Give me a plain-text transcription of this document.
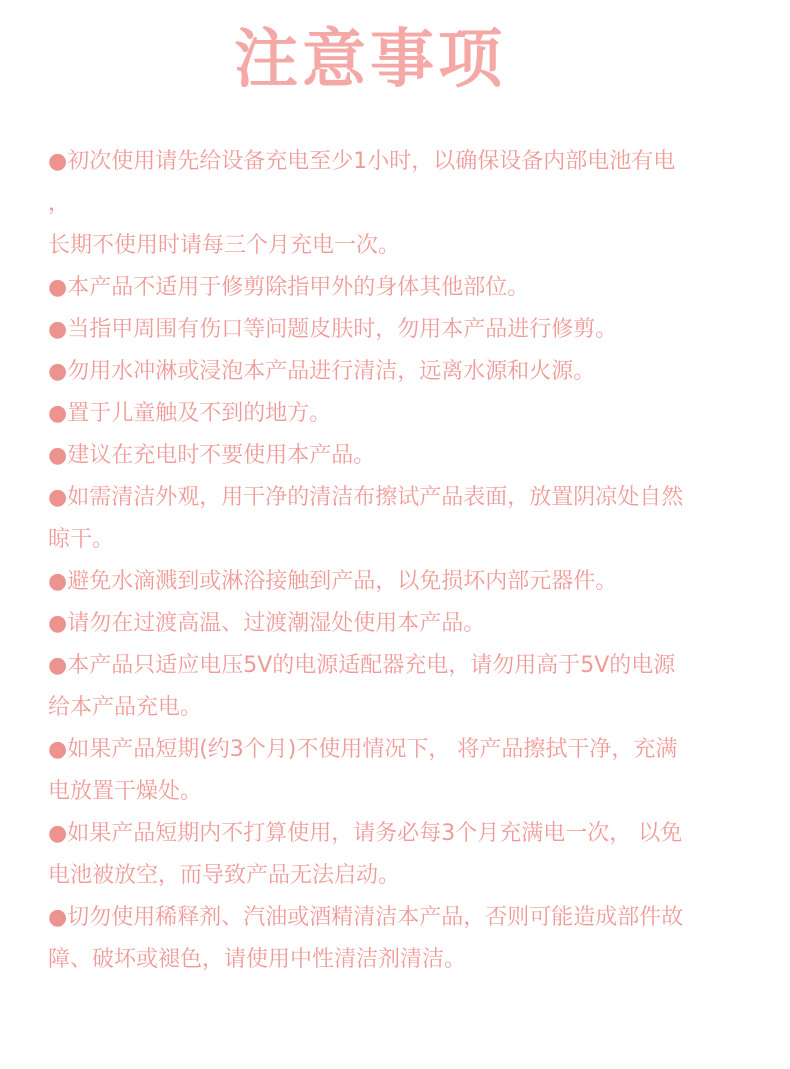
注意事项
●初次使用请先给设备充电至少1小时，以确保设备内部电池有电
，
长期不使用时请每三个月充电一次。
●本产品不适用于修剪除指甲外的身体其他部位。
●当指甲周围有伤口等问题皮肤时，勿用本产品进行修剪。
●勿用水冲淋或浸泡本产品进行清洁，远离水源和火源。
●置于儿童触及不到的地方。
●建议在充电时不要使用本产品。
●如需清洁外观，用干净的清洁布擦试产品表面，放置阴凉处自然
晾干。
●避免水滴溅到或淋浴接触到产品，以免损坏内部元器件。
●请勿在过渡高温、过渡潮湿处使用本产品。
●本产品只适应电压5V的电源适配器充电，请勿用高于5V的电源
给本产品充电。
●如果产品短期(约3个月)不使用情况下， 将产品擦拭干净，充满
电放置干燥处。
●如果产品短期内不打算使用，请务必每3个月充满电一次， 以免
电池被放空，而导致产品无法启动。
●切勿使用稀释剂、汽油或酒精清洁本产品，否则可能造成部件故
障、破坏或褪色，请使用中性清洁剂清洁。
